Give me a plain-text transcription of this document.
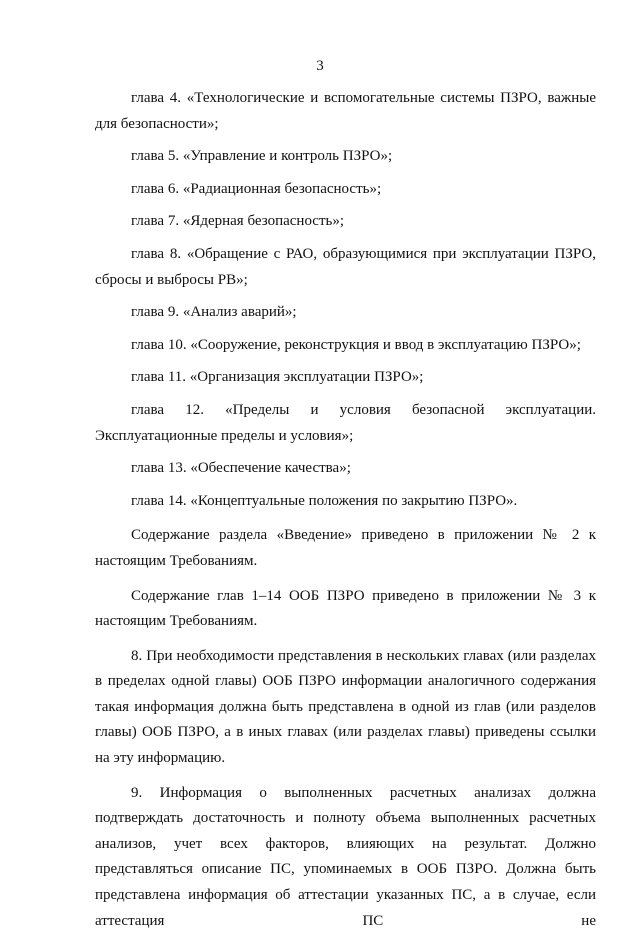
3

глава 4. «Технологические и вспомогательные системы ПЗРО, важные для безопасности»;

глава 5. «Управление и контроль ПЗРО»;

глава 6. «Радиационная безопасность»;

глава 7. «Ядерная безопасность»;

глава 8. «Обращение с РАО, образующимися при эксплуатации ПЗРО, сбросы и выбросы РВ»;

глава 9. «Анализ аварий»;

глава 10. «Сооружение, реконструкция и ввод в эксплуатацию ПЗРО»;

глава 11. «Организация эксплуатации ПЗРО»;

глава 12. «Пределы и условия безопасной эксплуатации. Эксплуатационные пределы и условия»;

глава 13. «Обеспечение качества»;

глава 14. «Концептуальные положения по закрытию ПЗРО».

Содержание раздела «Введение» приведено в приложении № 2 к настоящим Требованиям.

Содержание глав 1–14 ООБ ПЗРО приведено в приложении № 3 к настоящим Требованиям.

8. При необходимости представления в нескольких главах (или разделах в пределах одной главы) ООБ ПЗРО информации аналогичного содержания такая информация должна быть представлена в одной из глав (или разделов главы) ООБ ПЗРО, а в иных главах (или разделах главы) приведены ссылки на эту информацию.

9. Информация о выполненных расчетных анализах должна подтверждать достаточность и полноту объема выполненных расчетных анализов, учет всех факторов, влияющих на результат. Должно представляться описание ПС, упоминаемых в ООБ ПЗРО. Должна быть представлена информация об аттестации указанных ПС, а в случае, если аттестация ПС не
